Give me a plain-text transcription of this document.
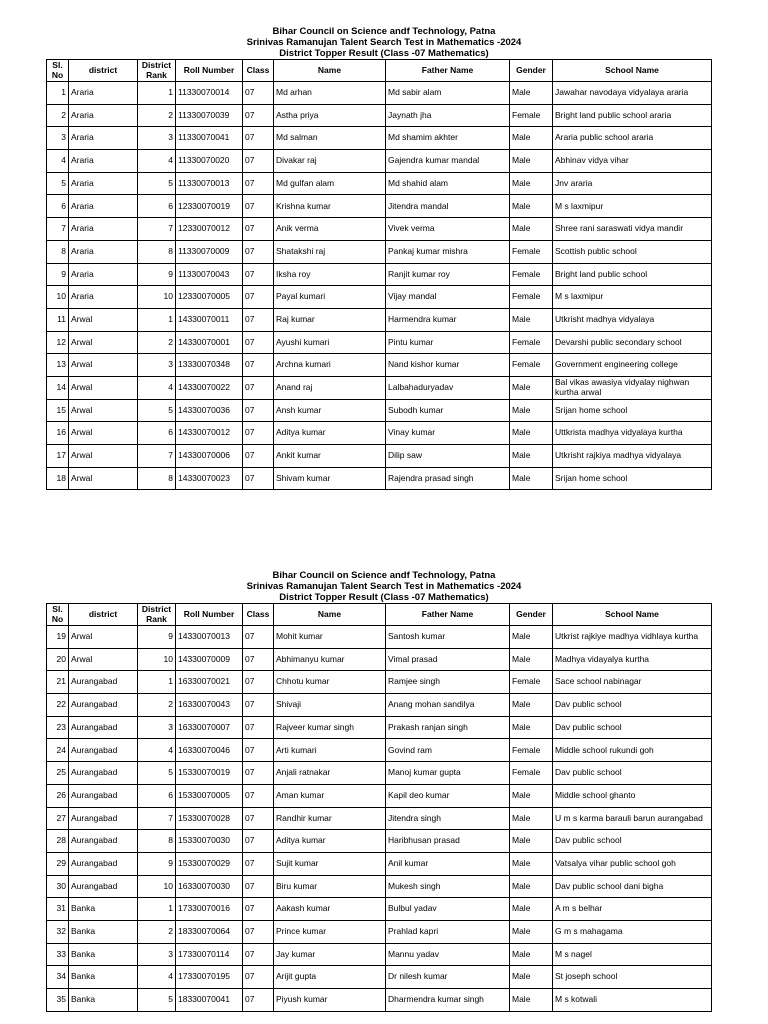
Bihar Council on Science andf Technology, Patna
Srinivas Ramanujan Talent Search Test in Mathematics -2024
District Topper Result (Class -07 Mathematics)
Sl. No	district	District Rank	Roll Number	Class	Name	Father Name	Gender	School Name
1	Araria	1	11330070014	07	Md arhan	Md sabir alam	Male	Jawahar navodaya vidyalaya araria
2	Araria	2	11330070039	07	Astha priya	Jaynath jha	Female	Bright land public school araria
3	Araria	3	11330070041	07	Md salman	Md shamim akhter	Male	Araria public school araria
4	Araria	4	11330070020	07	Divakar raj	Gajendra kumar mandal	Male	Abhinav vidya vihar
5	Araria	5	11330070013	07	Md gulfan alam	Md shahid alam	Male	Jnv araria
6	Araria	6	12330070019	07	Krishna kumar	Jitendra mandal	Male	M s laxmipur
7	Araria	7	12330070012	07	Anik verma	Vivek verma	Male	Shree rani saraswati vidya mandir
8	Araria	8	11330070009	07	Shatakshi raj	Pankaj kumar mishra	Female	Scottish public school
9	Araria	9	11330070043	07	Iksha roy	Ranjit kumar roy	Female	Bright land public school
10	Araria	10	12330070005	07	Payal kumari	Vijay mandal	Female	M s laxmipur
11	Arwal	1	14330070011	07	Raj kumar	Harmendra kumar	Male	Utkrisht madhya vidyalaya
12	Arwal	2	14330070001	07	Ayushi kumari	Pintu kumar	Female	Devarshi public secondary school
13	Arwal	3	13330070348	07	Archna kumari	Nand kishor kumar	Female	Government engineering college
14	Arwal	4	14330070022	07	Anand raj	Lalbahaduryadav	Male	Bal vikas awasiya vidyalay nighwan kurtha arwal
15	Arwal	5	14330070036	07	Ansh kumar	Subodh kumar	Male	Srijan home school
16	Arwal	6	14330070012	07	Aditya kumar	Vinay kumar	Male	Uttkrista madhya vidyalaya kurtha
17	Arwal	7	14330070006	07	Ankit kumar	Dilip saw	Male	Utkrisht rajkiya madhya vidyalaya
18	Arwal	8	14330070023	07	Shivam kumar	Rajendra prasad singh	Male	Srijan home school
Bihar Council on Science andf Technology, Patna
Srinivas Ramanujan Talent Search Test in Mathematics -2024
District Topper Result (Class -07 Mathematics)
Sl. No	district	District Rank	Roll Number	Class	Name	Father Name	Gender	School Name
19	Arwal	9	14330070013	07	Mohit kumar	Santosh kumar	Male	Utkrist rajkiye madhya vidhlaya kurtha
20	Arwal	10	14330070009	07	Abhimanyu kumar	Vimal prasad	Male	Madhya vidayalya kurtha
21	Aurangabad	1	16330070021	07	Chhotu kumar	Ramjee singh	Female	Sace school nabinagar
22	Aurangabad	2	16330070043	07	Shivaji	Anang mohan sandilya	Male	Dav public school
23	Aurangabad	3	16330070007	07	Rajveer kumar singh	Prakash ranjan singh	Male	Dav public school
24	Aurangabad	4	16330070046	07	Arti kumari	Govind ram	Female	Middle school rukundi goh
25	Aurangabad	5	15330070019	07	Anjali ratnakar	Manoj kumar gupta	Female	Dav public school
26	Aurangabad	6	15330070005	07	Aman kumar	Kapil deo kumar	Male	Middle school ghanto
27	Aurangabad	7	15330070028	07	Randhir kumar	Jitendra singh	Male	U m s karma barauli barun aurangabad
28	Aurangabad	8	15330070030	07	Aditya kumar	Haribhusan prasad	Male	Dav public school
29	Aurangabad	9	15330070029	07	Sujit kumar	Anil kumar	Male	Vatsalya vihar public school goh
30	Aurangabad	10	16330070030	07	Biru kumar	Mukesh singh	Male	Dav public school dani bigha
31	Banka	1	17330070016	07	Aakash kumar	Bulbul yadav	Male	A m s belhar
32	Banka	2	18330070064	07	Prince kumar	Prahlad kapri	Male	G m s mahagama
33	Banka	3	17330070114	07	Jay kumar	Mannu yadav	Male	M s nagel
34	Banka	4	17330070195	07	Arijit gupta	Dr nilesh kumar	Male	St joseph school
35	Banka	5	18330070041	07	Piyush kumar	Dharmendra kumar singh	Male	M s kotwali
